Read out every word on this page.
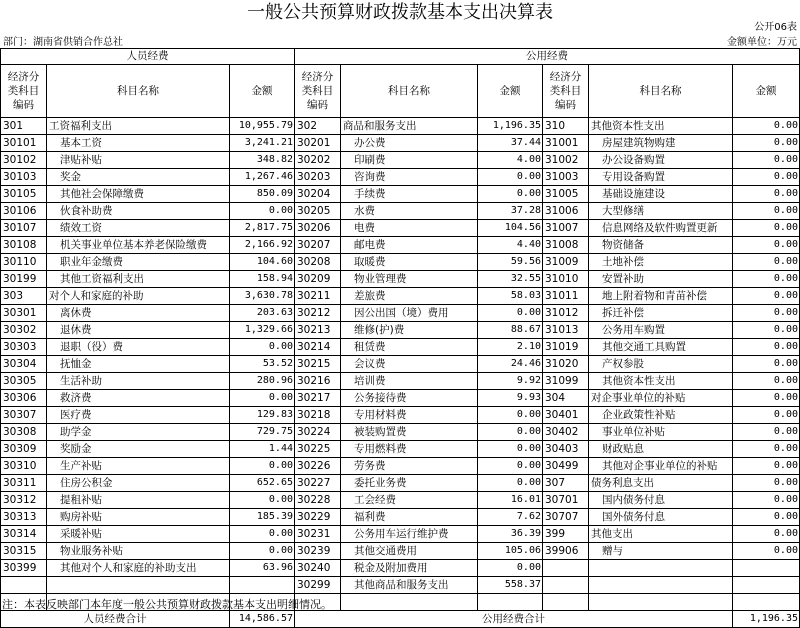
一般公共预算财政拨款基本支出决算表
公开06表
部门：湖南省供销合作总社	金额单位：万元
人员经费			公用经费					
经济分类科目编码	科目名称	金额	经济分类科目编码	科目名称	金额	经济分类科目编码	科目名称	金额
301	工资福利支出	10,955.79	302	商品和服务支出	1,196.35	310	其他资本性支出	0.00
30101	基本工资	3,241.21	30201	办公费	37.44	31001	房屋建筑物购建	0.00
30102	津贴补贴	348.82	30202	印刷费	4.00	31002	办公设备购置	0.00
30103	奖金	1,267.46	30203	咨询费	0.00	31003	专用设备购置	0.00
30105	其他社会保障缴费	850.09	30204	手续费	0.00	31005	基础设施建设	0.00
30106	伙食补助费	0.00	30205	水费	37.28	31006	大型修缮	0.00
30107	绩效工资	2,817.75	30206	电费	104.56	31007	信息网络及软件购置更新	0.00
30108	机关事业单位基本养老保险缴费	2,166.92	30207	邮电费	4.40	31008	物资储备	0.00
30110	职业年金缴费	104.60	30208	取暖费	59.56	31009	土地补偿	0.00
30199	其他工资福利支出	158.94	30209	物业管理费	32.55	31010	安置补助	0.00
303	对个人和家庭的补助	3,630.78	30211	差旅费	58.03	31011	地上附着物和青苗补偿	0.00
30301	离休费	203.63	30212	因公出国（境）费用	0.00	31012	拆迁补偿	0.00
30302	退休费	1,329.66	30213	维修(护)费	88.67	31013	公务用车购置	0.00
30303	退职（役）费	0.00	30214	租赁费	2.10	31019	其他交通工具购置	0.00
30304	抚恤金	53.52	30215	会议费	24.46	31020	产权参股	0.00
30305	生活补助	280.96	30216	培训费	9.92	31099	其他资本性支出	0.00
30306	救济费	0.00	30217	公务接待费	9.93	304	对企事业单位的补贴	0.00
30307	医疗费	129.83	30218	专用材料费	0.00	30401	企业政策性补贴	0.00
30308	助学金	729.75	30224	被装购置费	0.00	30402	事业单位补贴	0.00
30309	奖励金	1.44	30225	专用燃料费	0.00	30403	财政贴息	0.00
30310	生产补贴	0.00	30226	劳务费	0.00	30499	其他对企事业单位的补贴	0.00
30311	住房公积金	652.65	30227	委托业务费	0.00	307	债务利息支出	0.00
30312	提租补贴	0.00	30228	工会经费	16.01	30701	国内债务付息	0.00
30313	购房补贴	185.39	30229	福利费	7.62	30707	国外债务付息	0.00
30314	采暖补贴	0.00	30231	公务用车运行维护费	36.39	399	其他支出	0.00
30315	物业服务补贴	0.00	30239	其他交通费用	105.06	39906	赠与	0.00
30399	其他对个人和家庭的补助支出	63.96	30240	税金及附加费用	0.00			
			30299	其他商品和服务支出	558.37			

人员经费合计		14,586.57	公用经费合计					1,196.35
注：本表反映部门本年度一般公共预算财政拨款基本支出明细情况。
